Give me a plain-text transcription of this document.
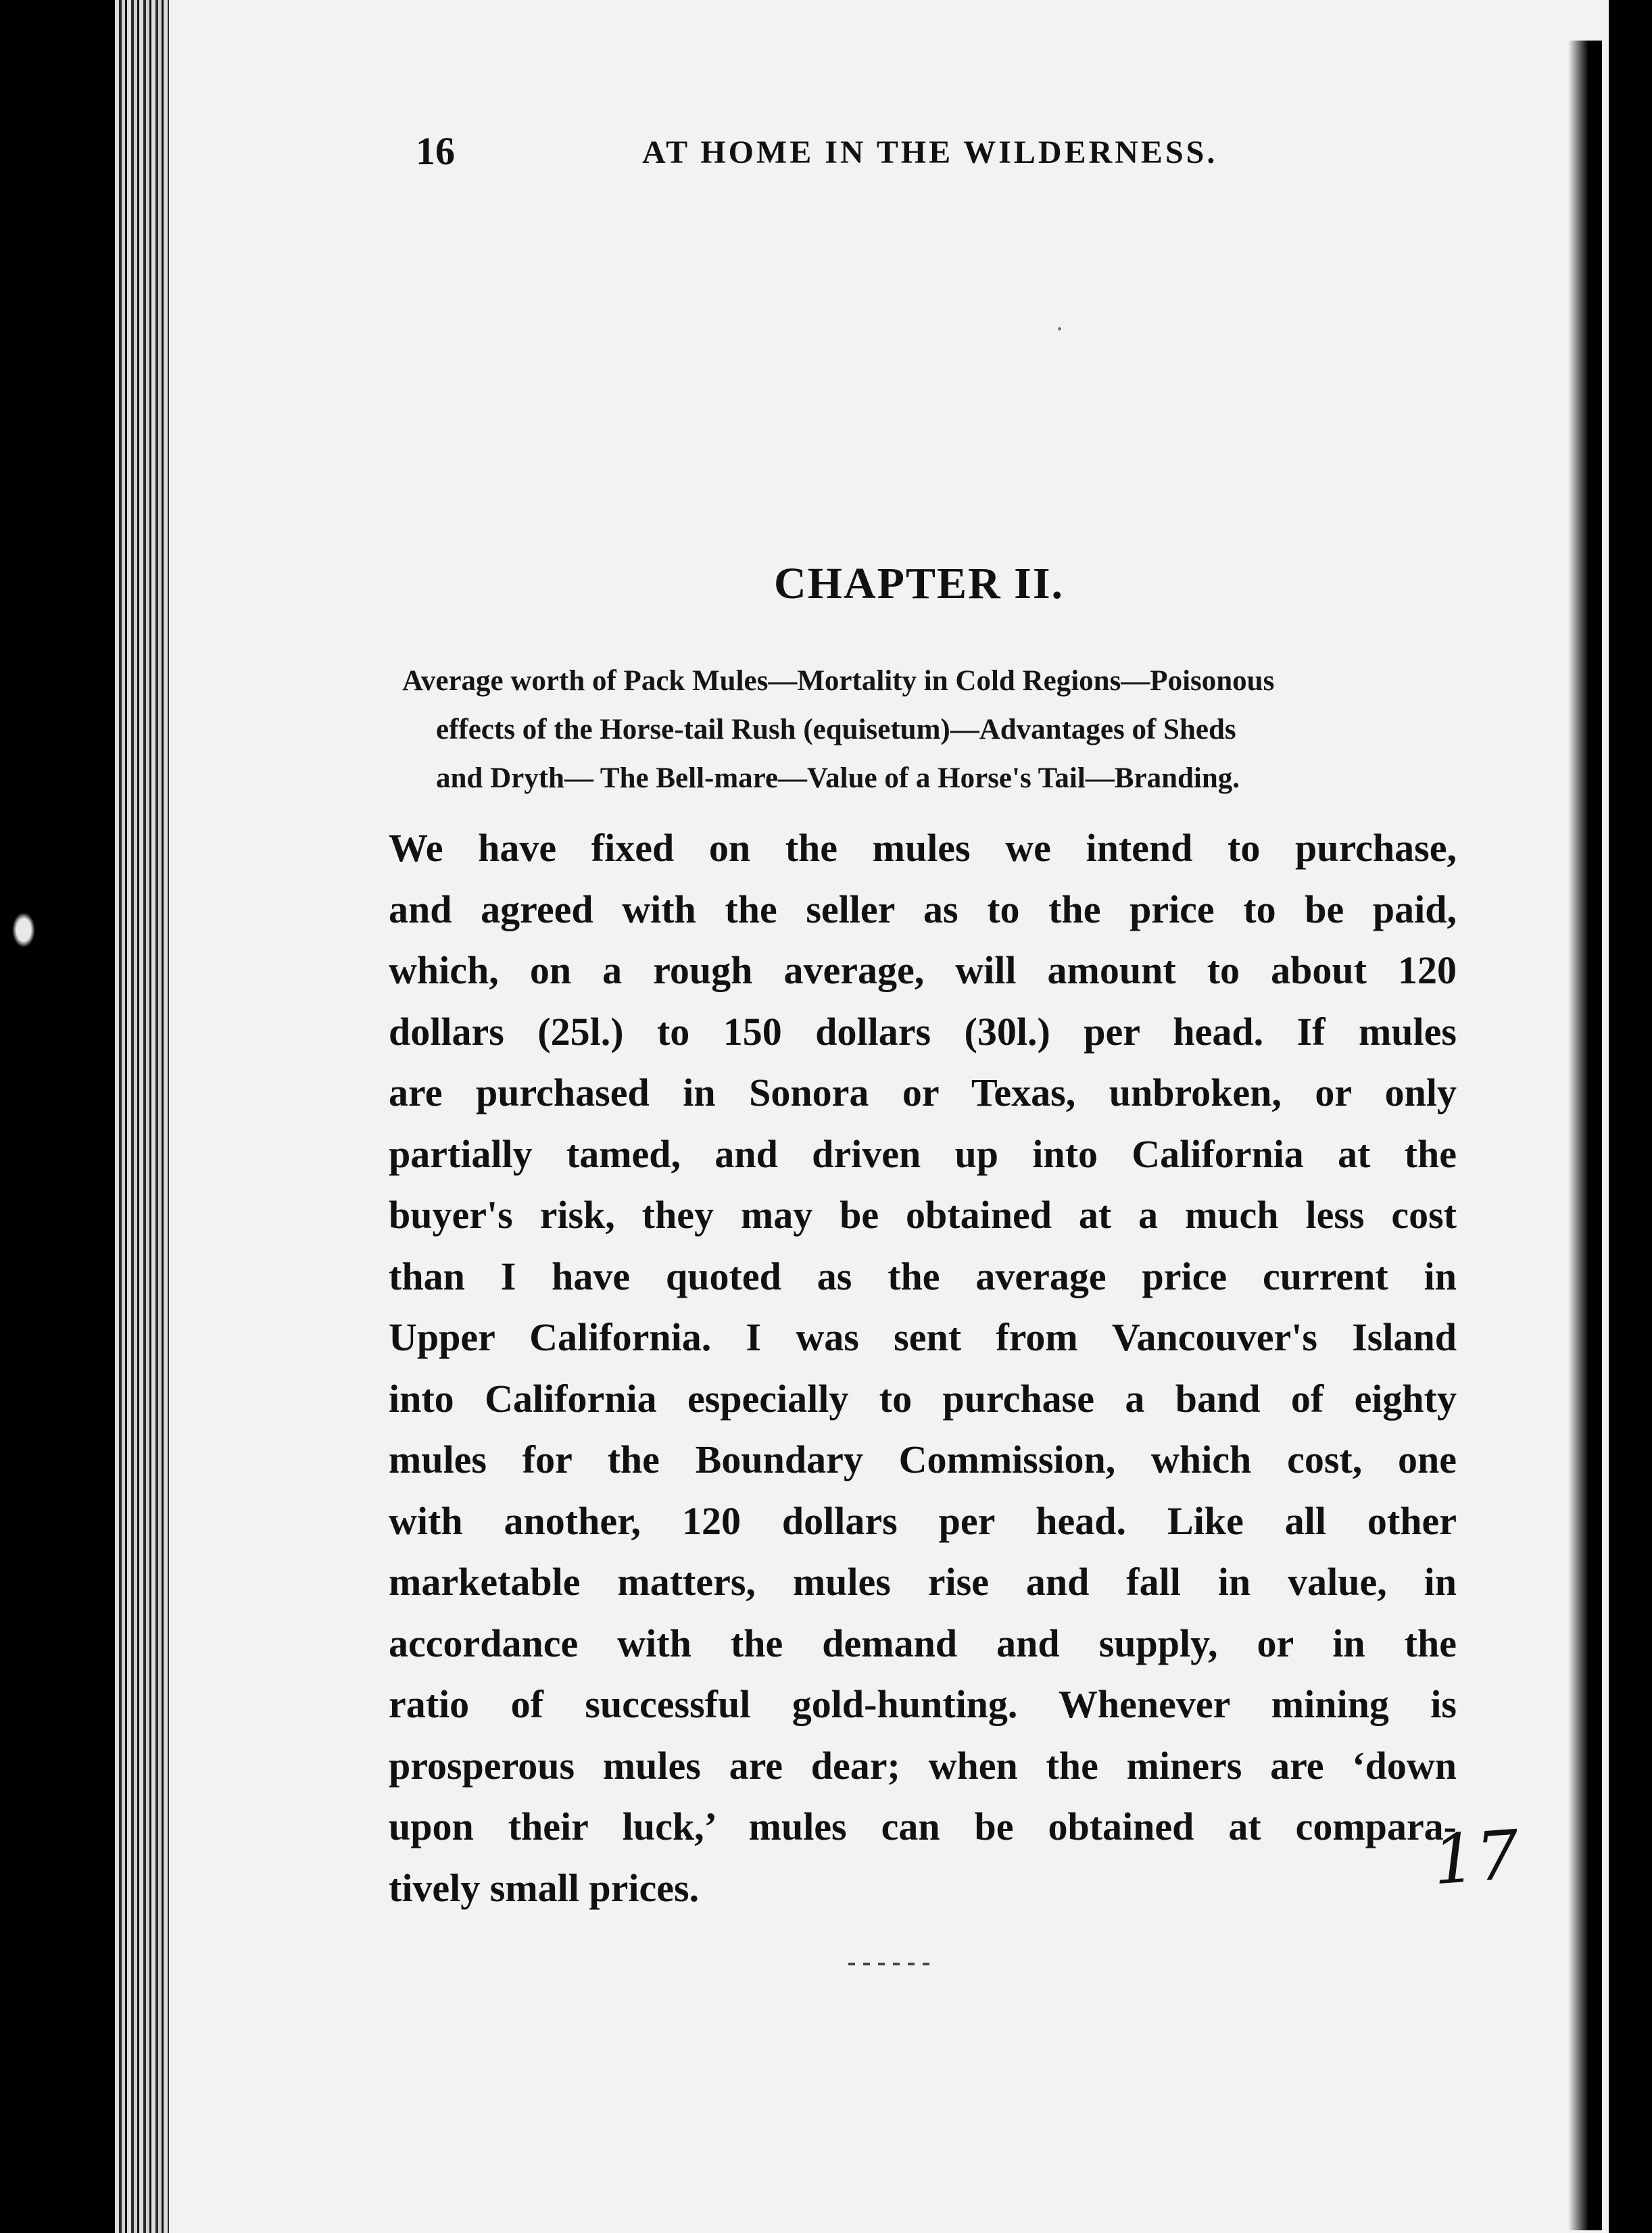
16	AT HOME IN THE WILDERNESS.
CHAPTER II.
Average worth of Pack Mules—Mortality in Cold Regions—Poisonous
effects of the Horse-tail Rush (equisetum)—Advantages of Sheds
and Dryth— The Bell-mare—Value of a Horse's Tail—Branding.
We have fixed on the mules we intend to purchase,
and agreed with the seller as to the price to be paid,
which, on a rough average, will amount to about 120
dollars (25l.) to 150 dollars (30l.) per head. If mules
are purchased in Sonora or Texas, unbroken, or only
partially tamed, and driven up into California at the
buyer's risk, they may be obtained at a much less cost
than I have quoted as the average price current in
Upper California. I was sent from Vancouver's Island
into California especially to purchase a band of eighty
mules for the Boundary Commission, which cost, one
with another, 120 dollars per head. Like all other
marketable matters, mules rise and fall in value, in
accordance with the demand and supply, or in the
ratio of successful gold-hunting. Whenever mining is
prosperous mules are dear; when the miners are ‘down
upon their luck,’ mules can be obtained at compara-
tively small prices.	17
